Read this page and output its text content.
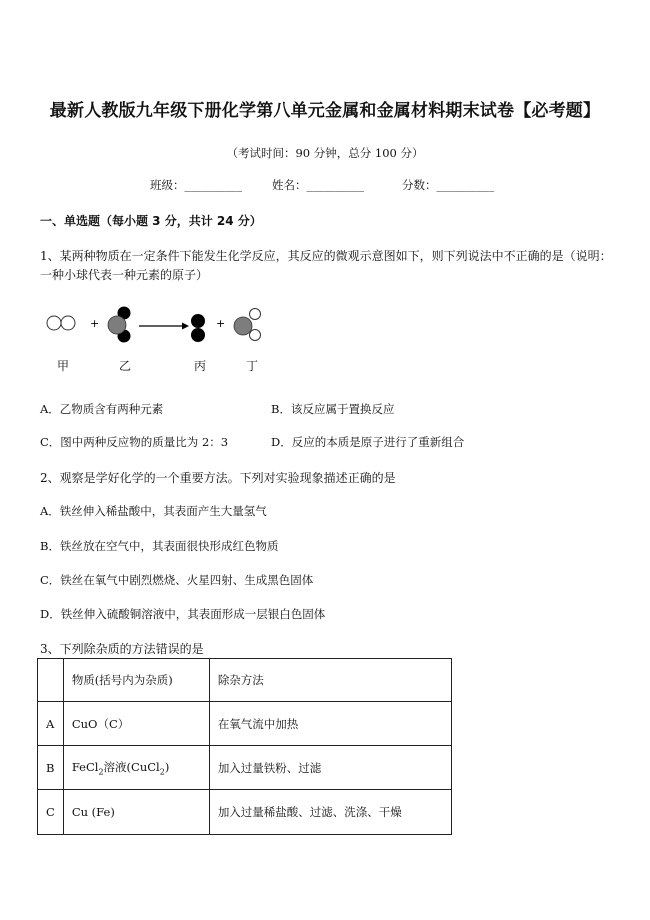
最新人教版九年级下册化学第八单元金属和金属材料期末试卷【必考题】
（考试时间：90 分钟，总分 100 分）
班级：__________	姓名：__________	分数：__________
一、单选题（每小题 3 分，共计 24 分）
1、某两种物质在一定条件下能发生化学反应，其反应的微观示意图如下，则下列说法中不正确的是（说明：
一种小球代表一种元素的原子）
+	+
甲	乙	丙	丁
A．乙物质含有两种元素	B．该反应属于置换反应
C．图中两种反应物的质量比为 2：3	D．反应的本质是原子进行了重新组合
2、观察是学好化学的一个重要方法。下列对实验现象描述正确的是
A．铁丝伸入稀盐酸中，其表面产生大量氢气
B．铁丝放在空气中，其表面很快形成红色物质
C．铁丝在氧气中剧烈燃烧、火星四射、生成黑色固体
D．铁丝伸入硫酸铜溶液中，其表面形成一层银白色固体
3、下列除杂质的方法错误的是
	物质(括号内为杂质)	除杂方法
A	CuO（C）	在氧气流中加热
B	FeCl$_2$溶液(CuCl$_2$)	加入过量铁粉、过滤
C	Cu (Fe)	加入过量稀盐酸、过滤、洗涤、干燥
